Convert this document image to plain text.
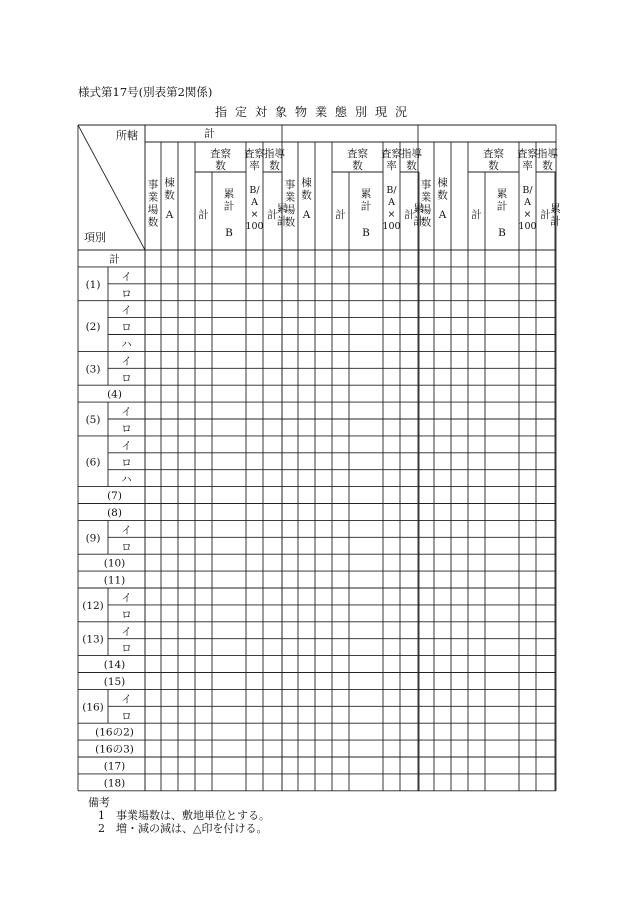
様式第17号(別表第2関係)
指定対象物業態別現況
計
事
業
場
数
棟
数
A
査察
数
計
累
計
B
査察
率
B/
A
×
100
指導
数
計 累
計
事
業
場
数
棟
数
A
査察
数
計
累
計
B
査察
率
B/
A
×
100
指導
数
計
累
計
事
業
場
数
棟
数
A
査察
数
計
累
計
B
査察
率
B/
A
×
100
指導
数
計 累
計
所轄
項別
計
(1)
イ
ロ
(2)
イ
ロ
ハ
(3)
イ
ロ
(4)
(5)
イ
ロ
(6)
イ
ロ
ハ
(7)
(8)
(9)
イ
ロ
(10)
(11)
(12)
イ
ロ
(13)
イ
ロ
(14)
(15)
(16)
イ
ロ
(16の2)
(16の3)
(17)
(18)
備考
1　事業場数は、敷地単位とする。
2　増・減の減は、△印を付ける。
